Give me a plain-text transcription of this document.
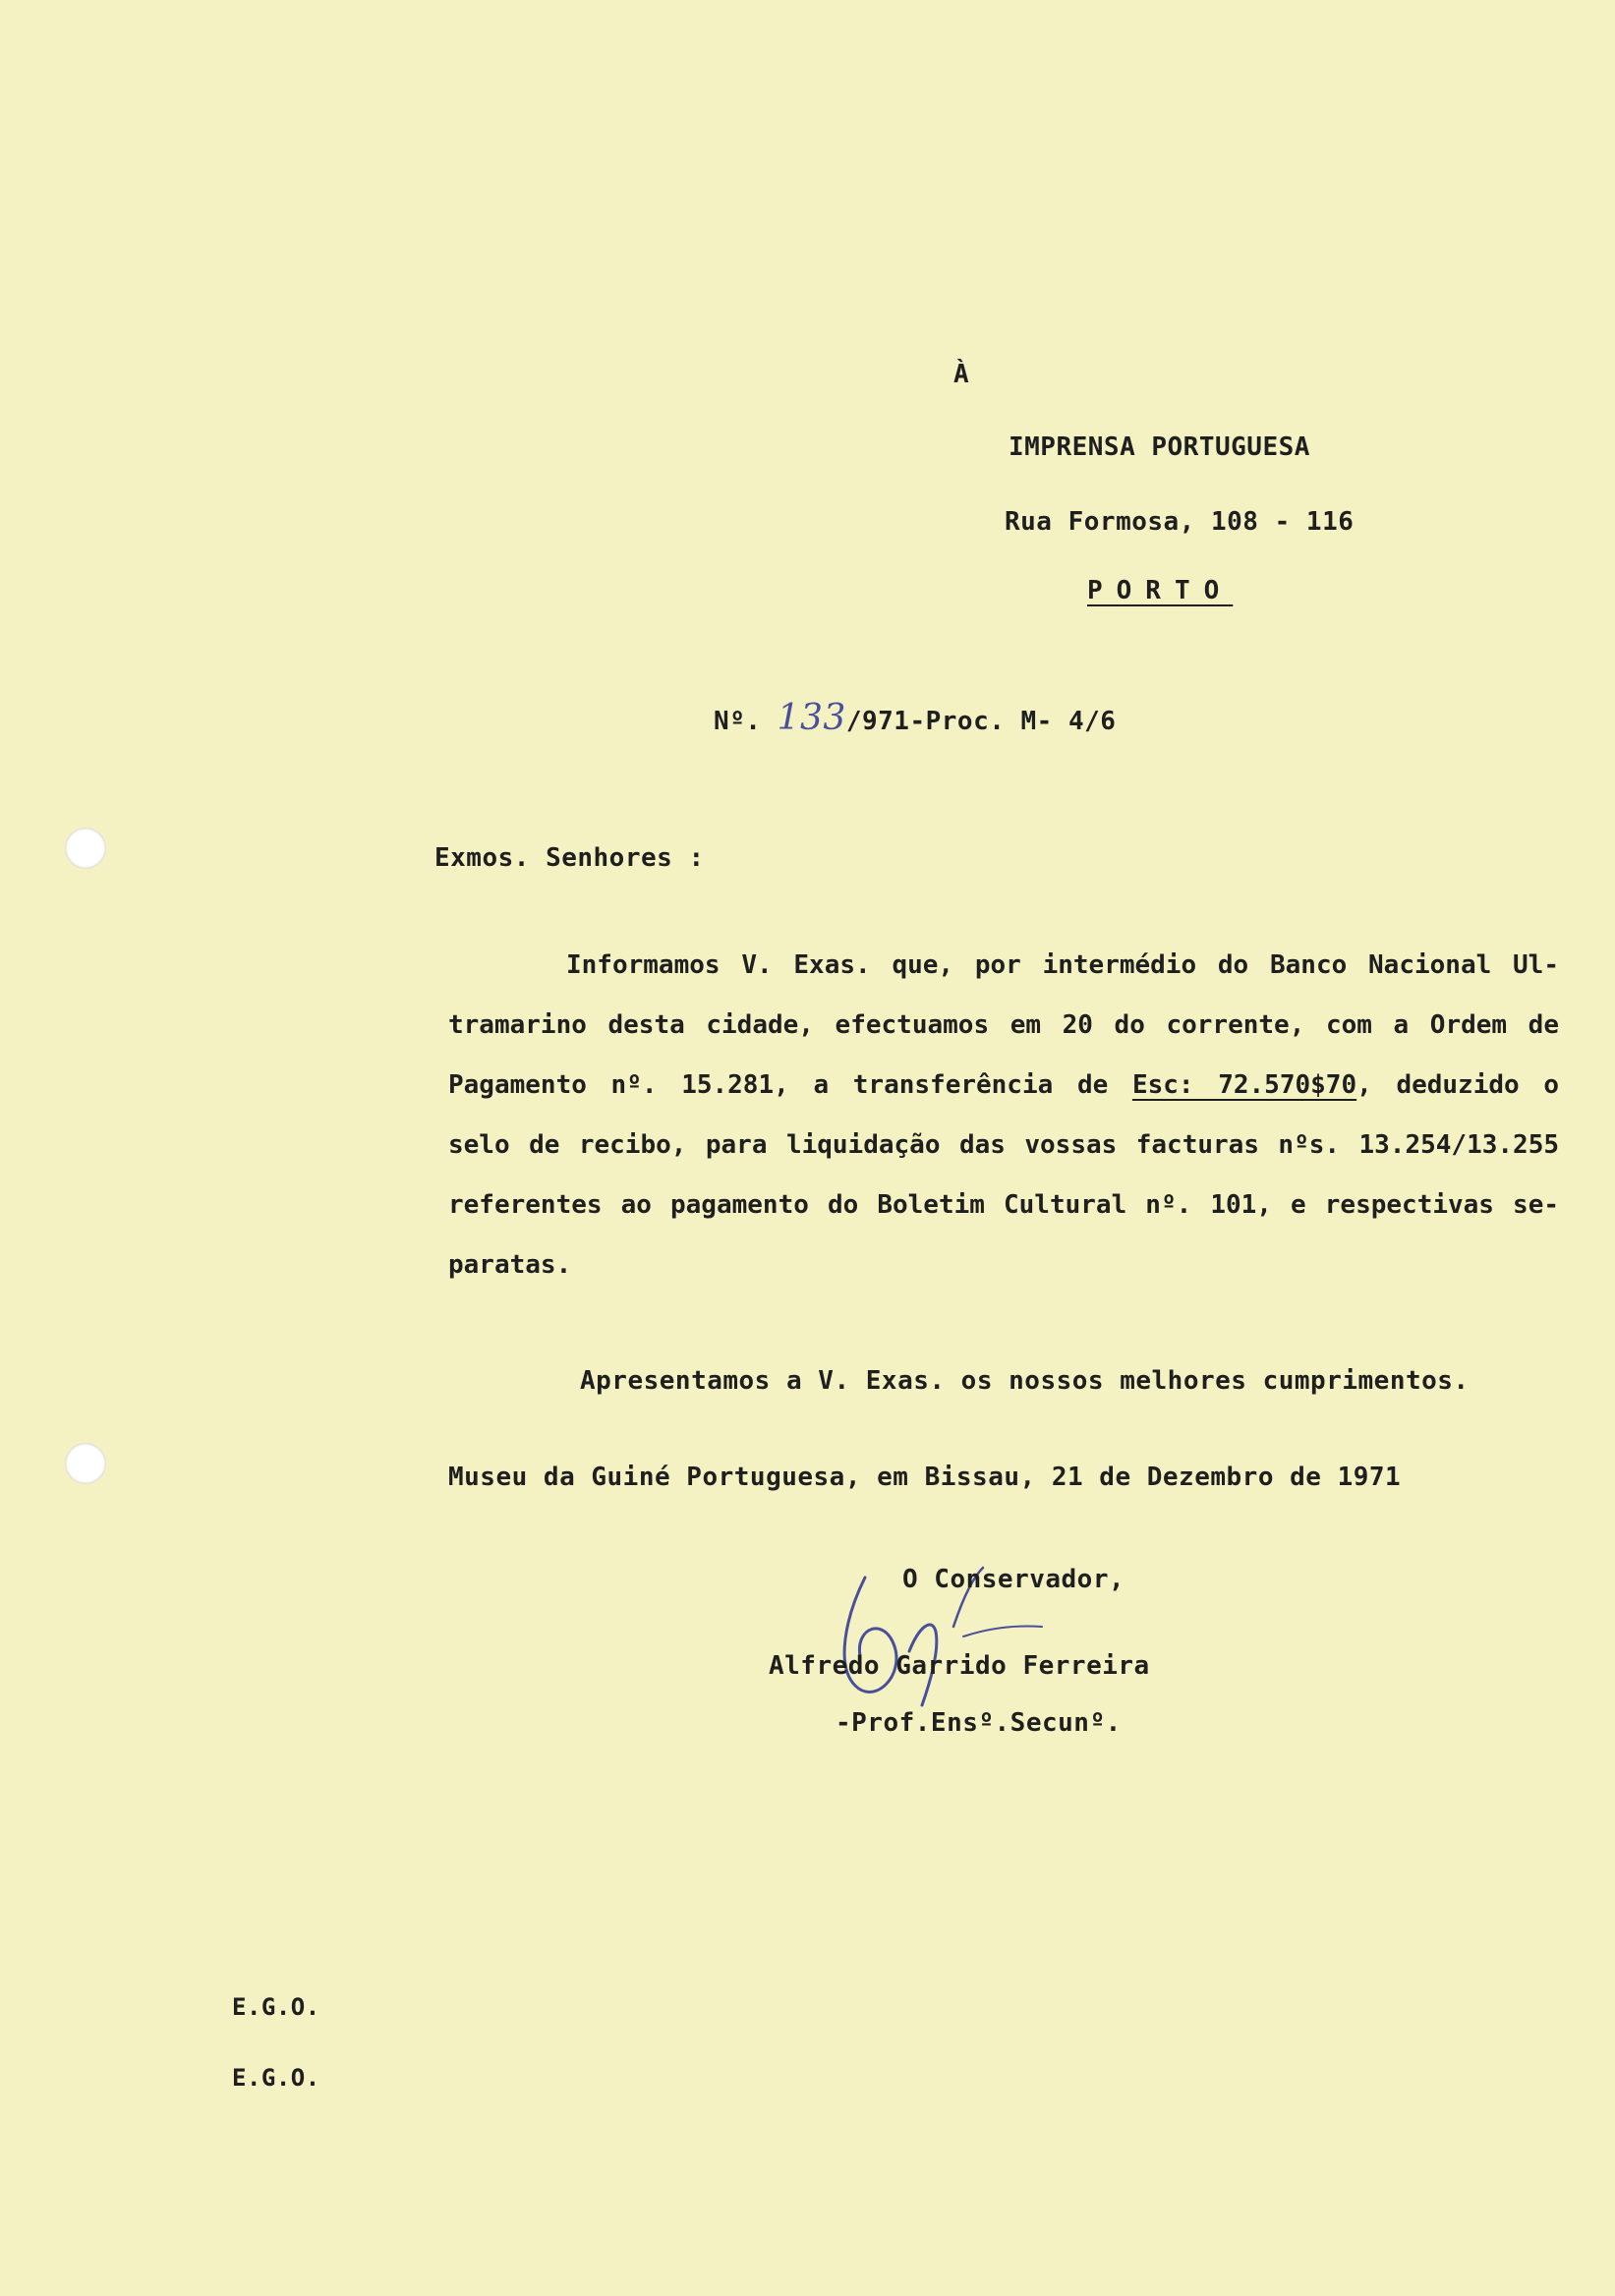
À
IMPRENSA PORTUGUESA
Rua Formosa, 108 - 116
PORTO
Nº. 133/971-Proc. M- 4/6
Exmos. Senhores :
Informamos V. Exas. que, por intermédio do Banco Nacional Ul-
tramarino desta cidade, efectuamos em 20 do corrente, com a Ordem de
Pagamento nº. 15.281, a transferência de Esc: 72.570$70, deduzido o
selo de recibo, para liquidação das vossas facturas nºs. 13.254/13.255
referentes ao pagamento do Boletim Cultural nº. 101, e respectivas se-
paratas.
Apresentamos a V. Exas. os nossos melhores cumprimentos.
Museu da Guiné Portuguesa, em Bissau, 21 de Dezembro de 1971
O Conservador,
Alfredo Garrido Ferreira
-Prof.Ensº.Secunº.
E.G.O.
E.G.O.
